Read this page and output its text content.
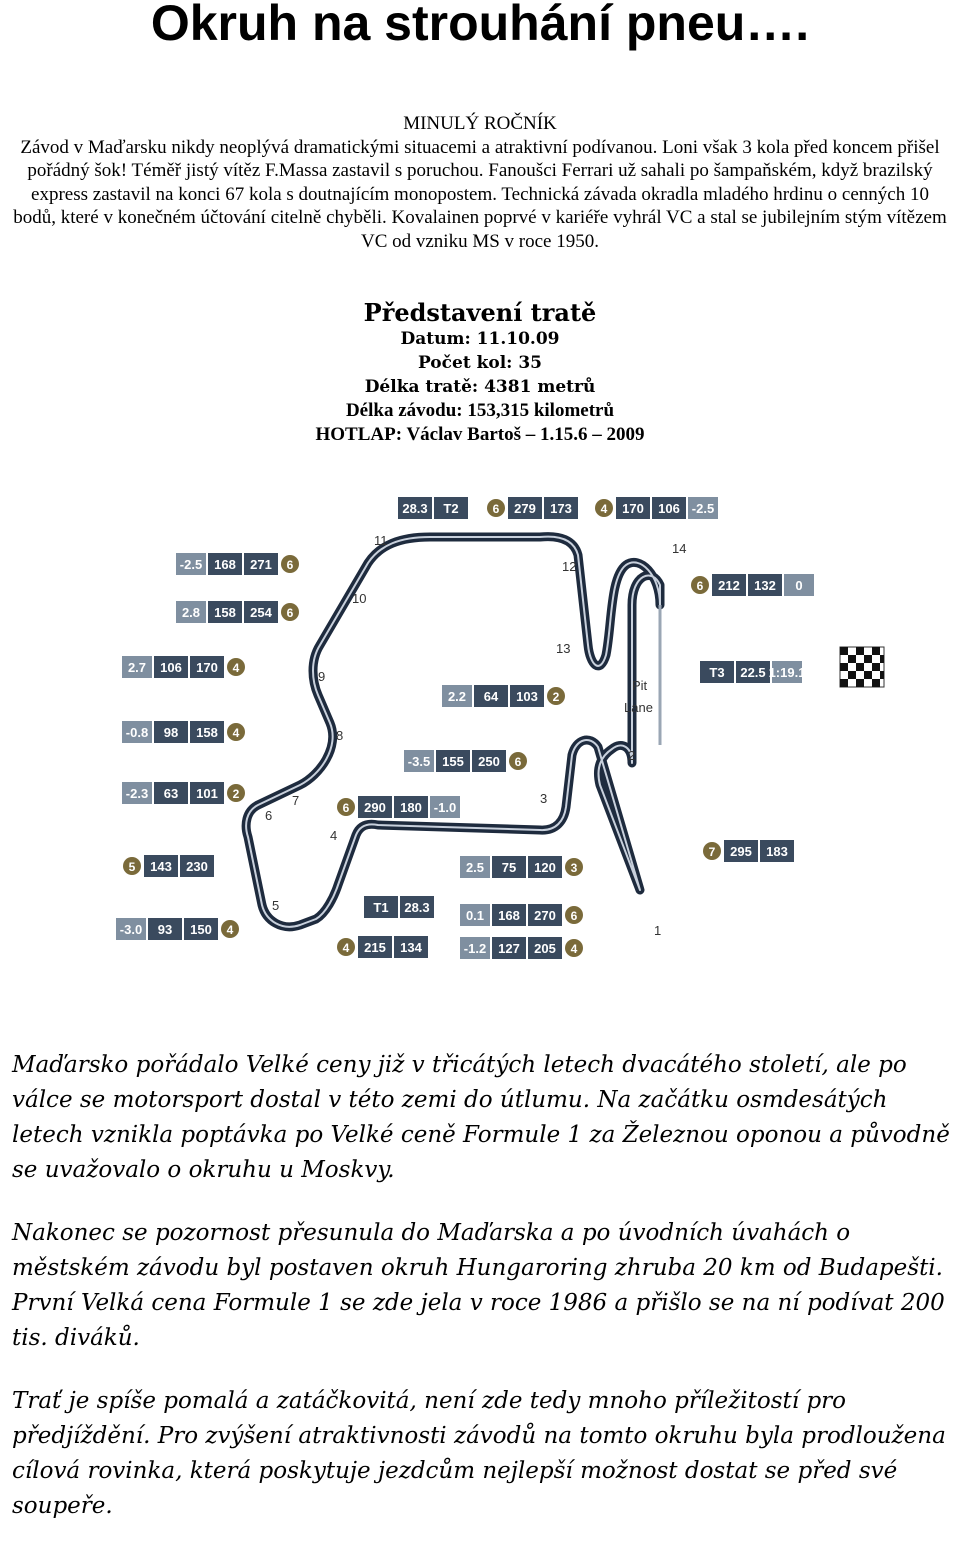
Okruh na strouhání pneu….

MINULÝ ROČNÍK

Závod v Maďarsku nikdy neoplývá dramatickými situacemi a atraktivní podívanou. Loni však 3 kola před koncem přišel pořádný šok! Téměř jistý vítěz F.Massa zastavil s poruchou. Fanoušci Ferrari už sahali po šampaňském, když brazilský express zastavil na konci 67 kola s doutnajícím monopostem. Technická závada okradla mladého hrdinu o cenných 10 bodů, které v konečném účtování citelně chyběli. Kovalainen poprvé v kariéře vyhrál VC a stal se jubilejním stým vítězem VC od vzniku MS v roce 1950.

Představení tratě

Datum: 11.10.09

Počet kol: 35

Délka tratě: 4381 metrů

Délka závodu: 153,315 kilometrů

HOTLAP: Václav Bartoš – 1.15.6 – 2009

1
2
3
4
5
6
7
8
9
10
11
12
13
14
Pit
Lane
28.3 T2	6 279 173 4 170 106 -2.5
-2.5 168 271 6
2.8 158 254 6
6 212 132 0
2.7 106 170 4	T3 22.5 1:19.1
2.2 64 103 2
-0.8 98 158 4
-3.5 155 250 6
-2.3 63 101 2
6 290 180 -1.0
7 295 183
5 143 230	2.5 75 120 3
T1 28.3
0.1 168 270 6
-3.0 93 150 4
4 215 134	-1.2 127 205 4

Maďarsko pořádalo Velké ceny již v třicátých letech dvacátého století, ale po válce se motorsport dostal v této zemi do útlumu. Na začátku osmdesátých letech vznikla poptávka po Velké ceně Formule 1 za Železnou oponou a původně se uvažovalo o okruhu u Moskvy.

Nakonec se pozornost přesunula do Maďarska a po úvodních úvahách o městském závodu byl postaven okruh Hungaroring zhruba 20 km od Budapešti. První Velká cena Formule 1 se zde jela v roce 1986 a přišlo se na ní podívat 200 tis. diváků.

Trať je spíše pomalá a zatáčkovitá, není zde tedy mnoho příležitostí pro předjíždění. Pro zvýšení atraktivnosti závodů na tomto okruhu byla prodloužena cílová rovinka, která poskytuje jezdcům nejlepší možnost dostat se před své soupeře.
